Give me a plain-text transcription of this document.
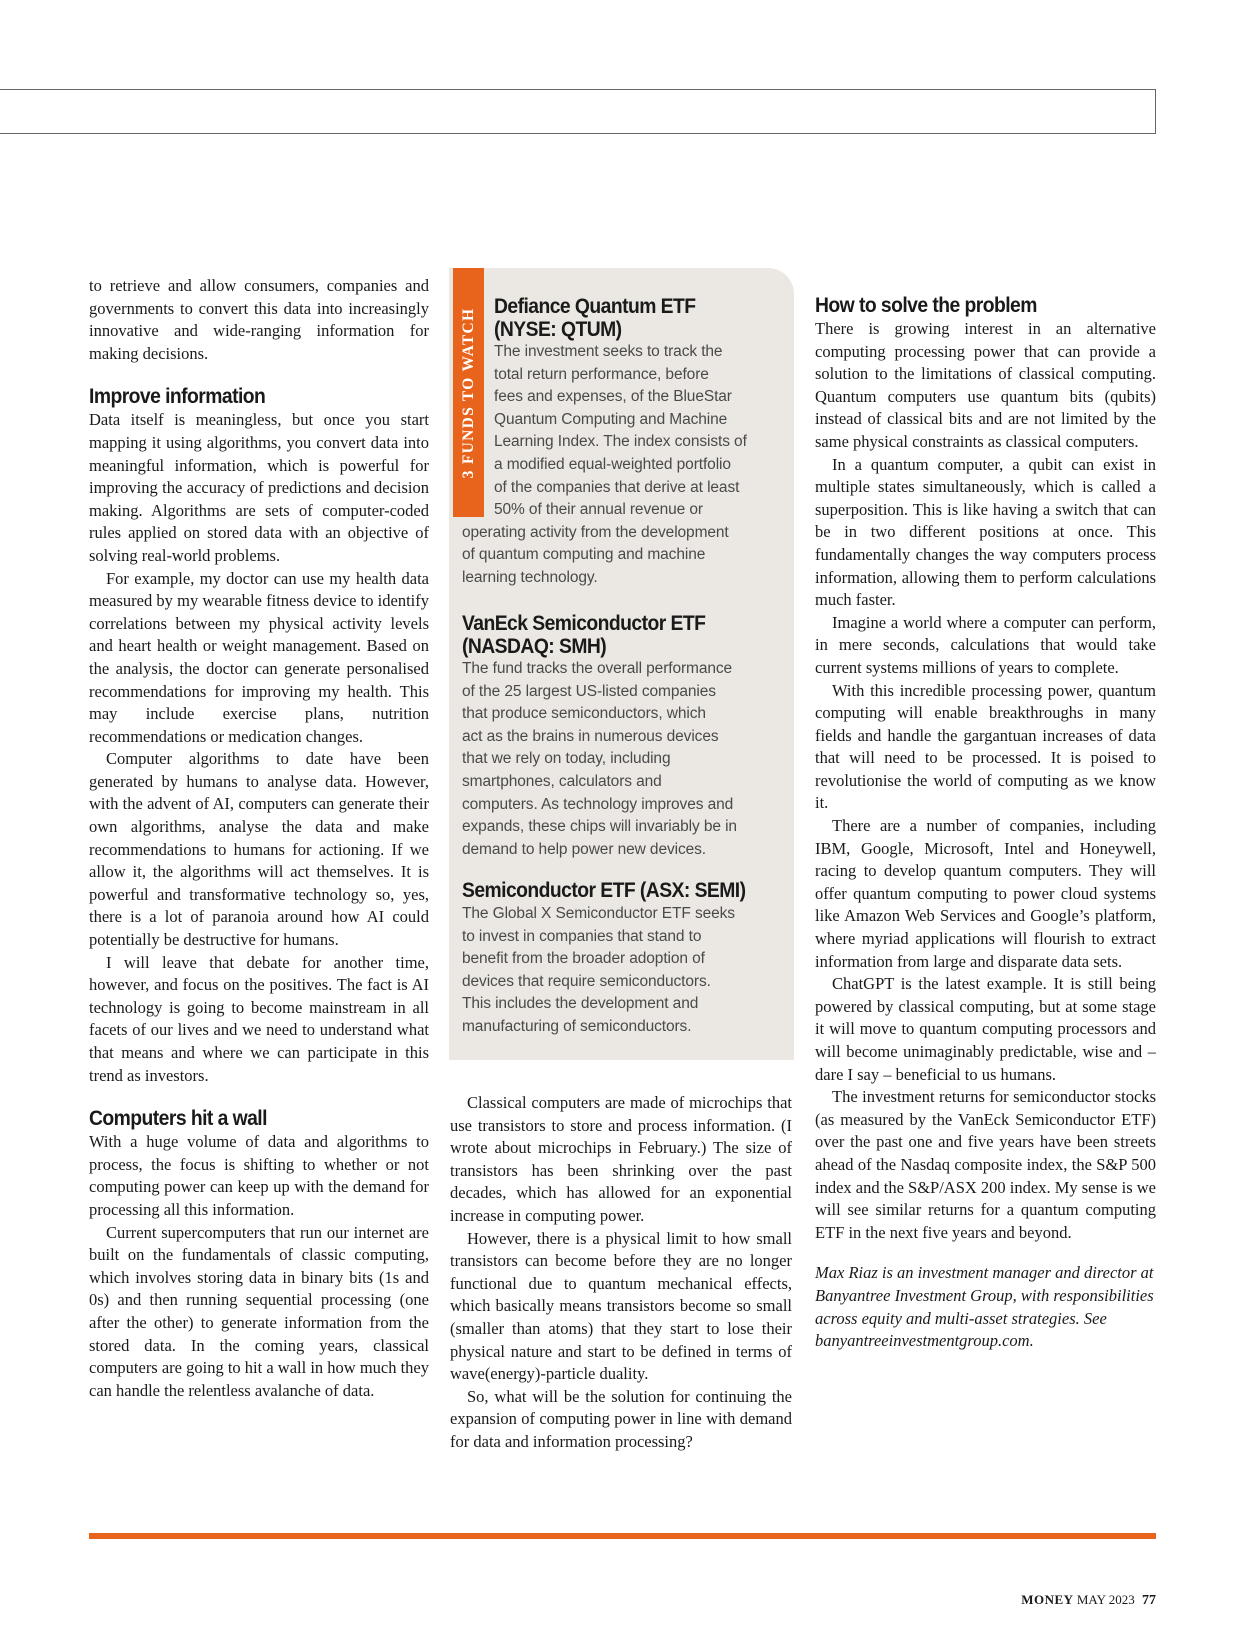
to retrieve and allow consumers, companies and governments to convert this data into increasingly innovative and wide-ranging information for making decisions.

Improve information

Data itself is meaningless, but once you start mapping it using algorithms, you convert data into meaningful information, which is powerful for improving the accuracy of predictions and decision making. Algorithms are sets of computer-coded rules applied on stored data with an objective of solving real-world problems.

For example, my doctor can use my health data measured by my wearable fitness device to identify correlations between my physical activity levels and heart health or weight management. Based on the analysis, the doctor can generate personalised recommendations for improving my health. This may include exercise plans, nutrition recommendations or medication changes.

Computer algorithms to date have been generated by humans to analyse data. However, with the advent of AI, computers can generate their own algorithms, analyse the data and make recommendations to humans for actioning. If we allow it, the algorithms will act themselves. It is powerful and transformative technology so, yes, there is a lot of paranoia around how AI could potentially be destructive for humans.

I will leave that debate for another time, however, and focus on the positives. The fact is AI technology is going to become mainstream in all facets of our lives and we need to understand what that means and where we can participate in this trend as investors.

Computers hit a wall

With a huge volume of data and algorithms to process, the focus is shifting to whether or not computing power can keep up with the demand for processing all this information.

Current supercomputers that run our internet are built on the fundamentals of classic computing, which involves storing data in binary bits (1s and 0s) and then running sequential processing (one after the other) to generate information from the stored data. In the coming years, classical computers are going to hit a wall in how much they can handle the relentless avalanche of data.

3 FUNDS TO WATCH
Defiance Quantum ETF
(NYSE: QTUM)
The investment seeks to track the
total return performance, before
fees and expenses, of the BlueStar
Quantum Computing and Machine
Learning Index. The index consists of
a modified equal-weighted portfolio
of the companies that derive at least
50% of their annual revenue or
operating activity from the development
of quantum computing and machine
learning technology.
VanEck Semiconductor ETF
(NASDAQ: SMH)
The fund tracks the overall performance
of the 25 largest US-listed companies
that produce semiconductors, which
act as the brains in numerous devices
that we rely on today, including
smartphones, calculators and
computers. As technology improves and
expands, these chips will invariably be in
demand to help power new devices.
Semiconductor ETF (ASX: SEMI)
The Global X Semiconductor ETF seeks
to invest in companies that stand to
benefit from the broader adoption of
devices that require semiconductors.
This includes the development and
manufacturing of semiconductors.

Classical computers are made of microchips that use transistors to store and process information. (I wrote about microchips in February.) The size of transistors has been shrinking over the past decades, which has allowed for an exponential increase in computing power.

However, there is a physical limit to how small transistors can become before they are no longer functional due to quantum mechanical effects, which basically means transistors become so small (smaller than atoms) that they start to lose their physical nature and start to be defined in terms of wave(energy)-particle duality.

So, what will be the solution for continuing the expansion of computing power in line with demand for data and information processing?

How to solve the problem

There is growing interest in an alternative computing processing power that can provide a solution to the limitations of classical computing. Quantum computers use quantum bits (qubits) instead of classical bits and are not limited by the same physical constraints as classical computers.

In a quantum computer, a qubit can exist in multiple states simultaneously, which is called a superposition. This is like having a switch that can be in two different positions at once. This fundamentally changes the way computers process information, allowing them to perform calculations much faster.

Imagine a world where a computer can perform, in mere seconds, calculations that would take current systems millions of years to complete.

With this incredible processing power, quantum computing will enable breakthroughs in many fields and handle the gargantuan increases of data that will need to be processed. It is poised to revolutionise the world of computing as we know it.

There are a number of companies, including IBM, Google, Microsoft, Intel and Honeywell, racing to develop quantum computers. They will offer quantum computing to power cloud systems like Amazon Web Services and Google’s platform, where myriad applications will flourish to extract information from large and disparate data sets.

ChatGPT is the latest example. It is still being powered by classical computing, but at some stage it will move to quantum computing processors and will become unimaginably predictable, wise and – dare I say – beneficial to us humans.

The investment returns for semiconductor stocks (as measured by the VanEck Semiconductor ETF) over the past one and five years have been streets ahead of the Nasdaq composite index, the S&P 500 index and the S&P/ASX 200 index. My sense is we will see similar returns for a quantum computing ETF in the next five years and beyond.

Max Riaz is an investment manager and director at Banyantree Investment Group, with responsibilities across equity and multi-asset strategies. See banyantreeinvestmentgroup.com.

MONEY MAY 2023 77
